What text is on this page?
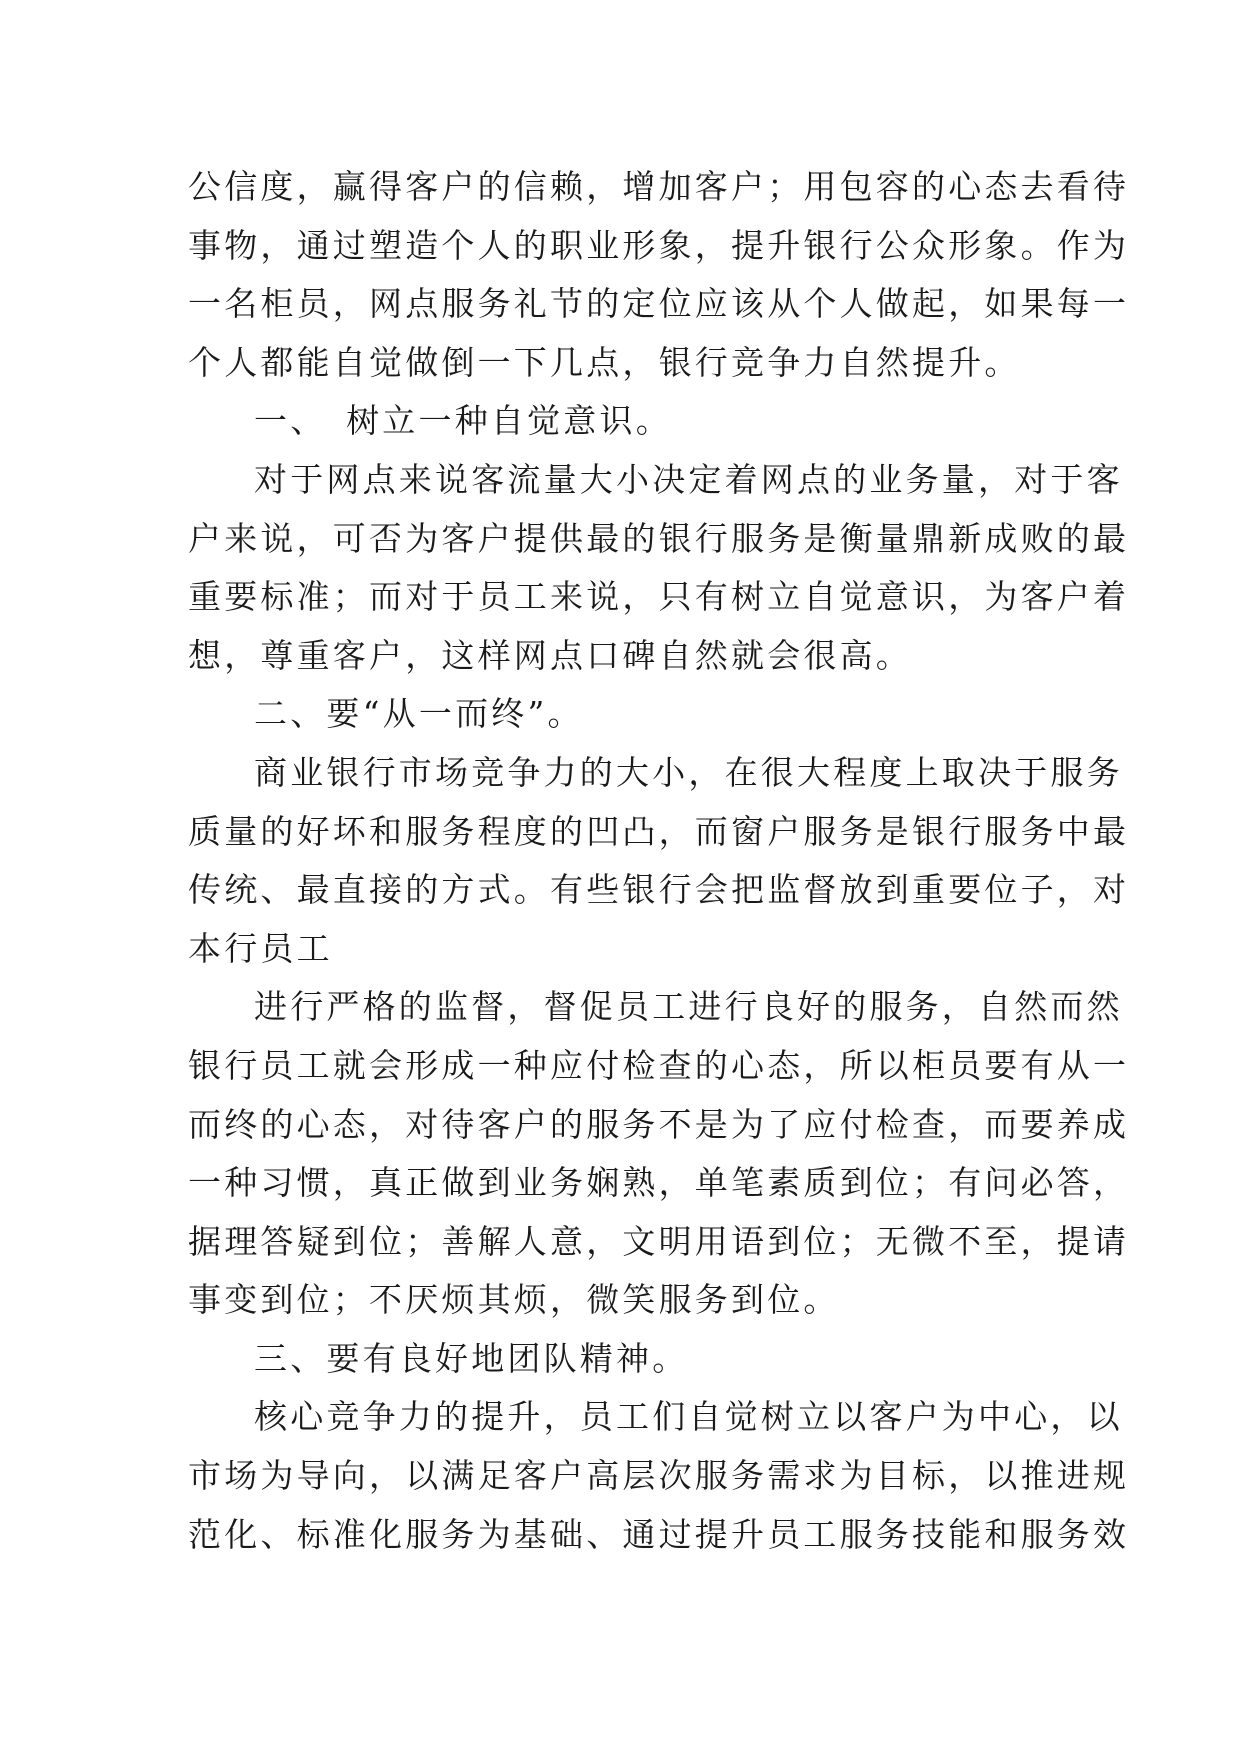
公信度，赢得客户的信赖，增加客户；用包容的心态去看待
事物，通过塑造个人的职业形象，提升银行公众形象。作为
一名柜员，网点服务礼节的定位应该从个人做起，如果每一
个人都能自觉做倒一下几点，银行竞争力自然提升。
一、　树立一种自觉意识。
对于网点来说客流量大小决定着网点的业务量，对于客
户来说，可否为客户提供最的银行服务是衡量鼎新成败的最
重要标准；而对于员工来说，只有树立自觉意识，为客户着
想，尊重客户，这样网点口碑自然就会很高。
二、要“从一而终”。
商业银行市场竞争力的大小，在很大程度上取决于服务
质量的好坏和服务程度的凹凸，而窗户服务是银行服务中最
传统、最直接的方式。有些银行会把监督放到重要位子，对
本行员工
进行严格的监督，督促员工进行良好的服务，自然而然
银行员工就会形成一种应付检查的心态，所以柜员要有从一
而终的心态，对待客户的服务不是为了应付检查，而要养成
一种习惯，真正做到业务娴熟，单笔素质到位；有问必答，
据理答疑到位；善解人意，文明用语到位；无微不至，提请
事变到位；不厌烦其烦，微笑服务到位。
三、要有良好地团队精神。
核心竞争力的提升，员工们自觉树立以客户为中心，以
市场为导向，以满足客户高层次服务需求为目标，以推进规
范化、标准化服务为基础、通过提升员工服务技能和服务效
